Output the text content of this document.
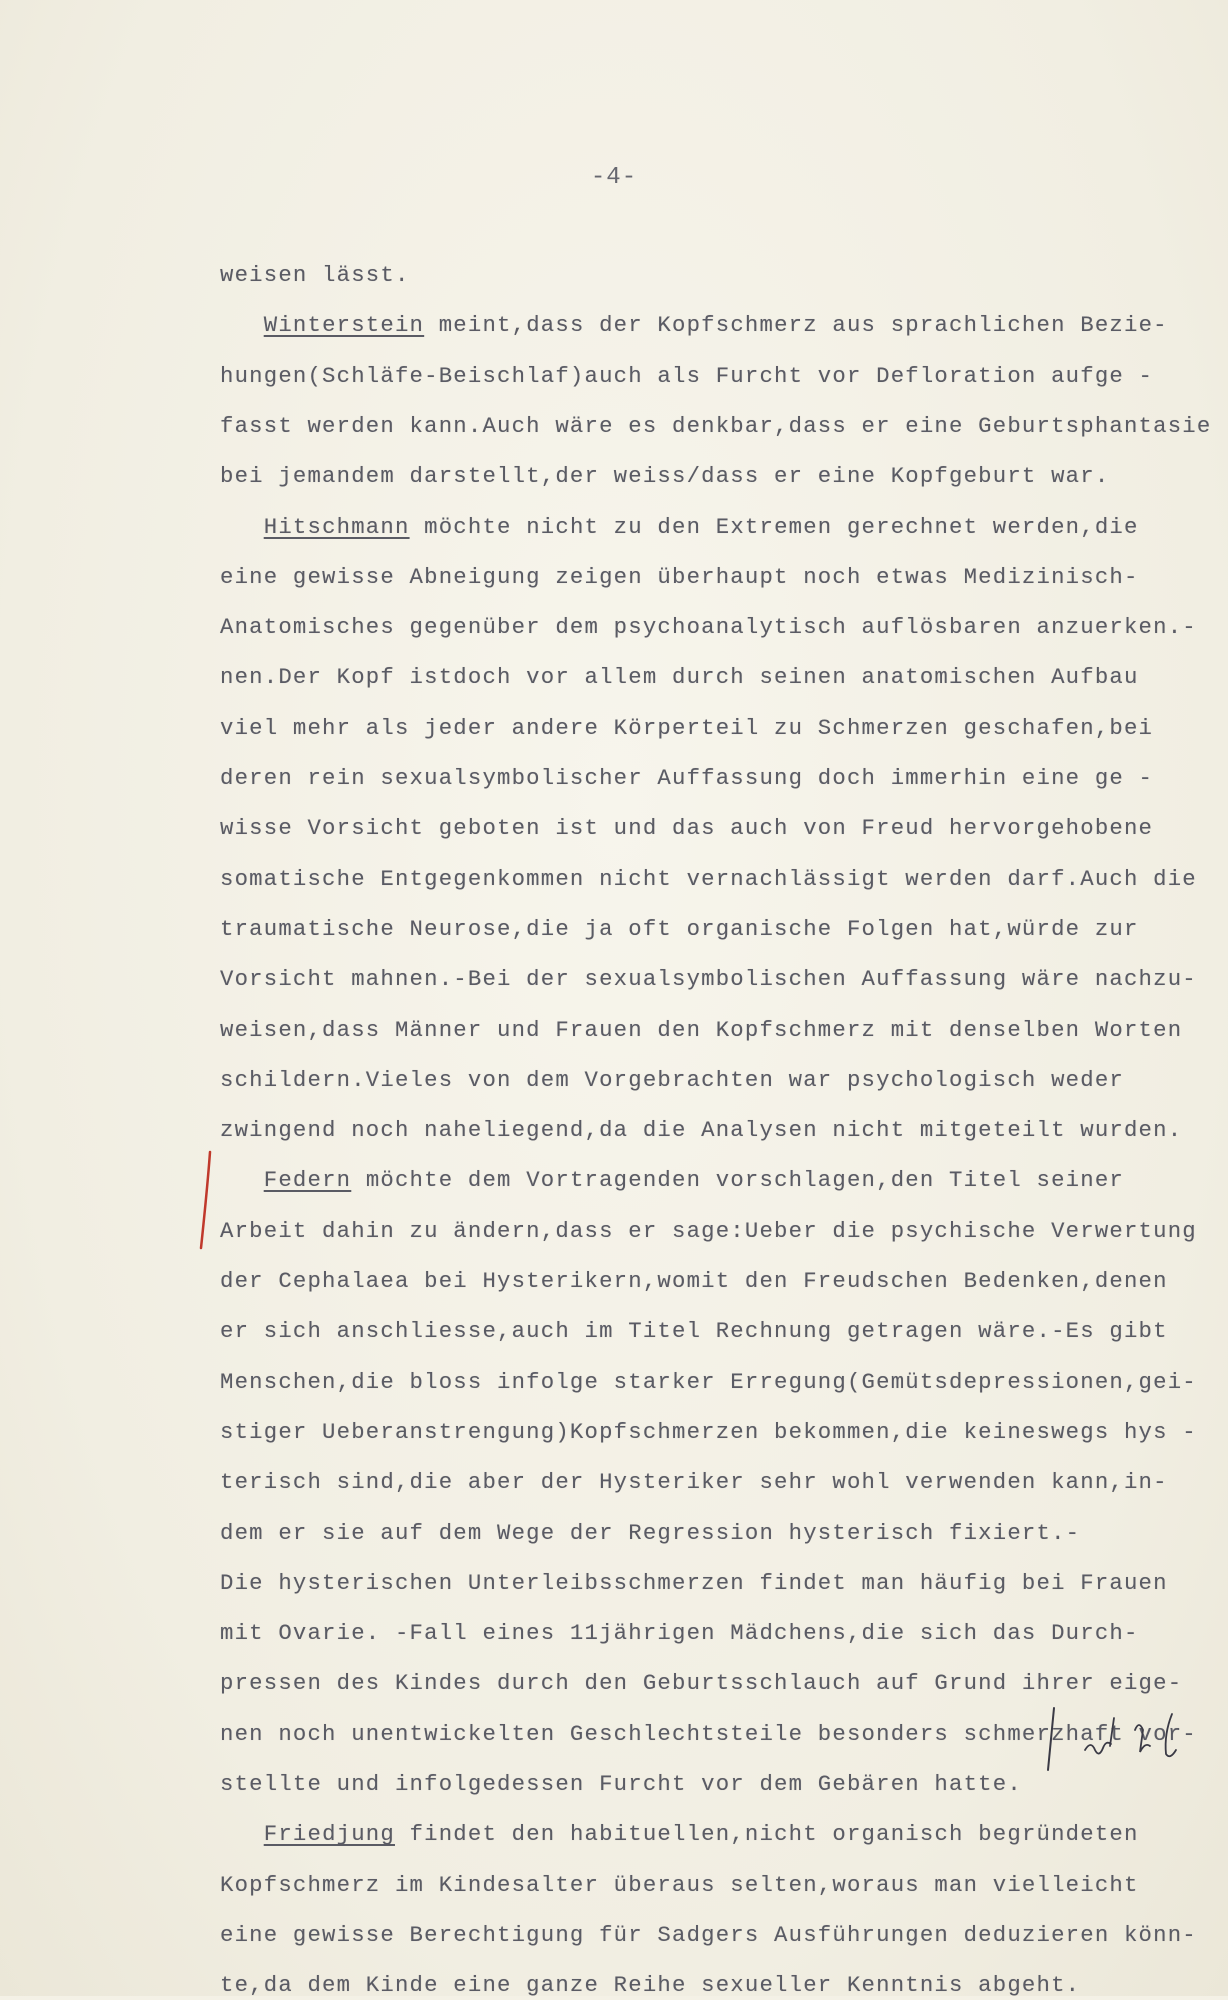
-4-
weisen lässt.
Winterstein meint,dass der Kopfschmerz aus sprachlichen Bezie-
hungen(Schläfe-Beischlaf)auch als Furcht vor Defloration aufge -
fasst werden kann.Auch wäre es denkbar,dass er eine Geburtsphantasie
bei jemandem darstellt,der weiss/dass er eine Kopfgeburt war.
Hitschmann möchte nicht zu den Extremen gerechnet werden,die
eine gewisse Abneigung zeigen überhaupt noch etwas Medizinisch-
Anatomisches gegenüber dem psychoanalytisch auflösbaren anzuerken.-
nen.Der Kopf istdoch vor allem durch seinen anatomischen Aufbau
viel mehr als jeder andere Körperteil zu Schmerzen geschafen,bei
deren rein sexualsymbolischer Auffassung doch immerhin eine ge -
wisse Vorsicht geboten ist und das auch von Freud hervorgehobene
somatische Entgegenkommen nicht vernachlässigt werden darf.Auch die
traumatische Neurose,die ja oft organische Folgen hat,würde zur
Vorsicht mahnen.-Bei der sexualsymbolischen Auffassung wäre nachzu-
weisen,dass Männer und Frauen den Kopfschmerz mit denselben Worten
schildern.Vieles von dem Vorgebrachten war psychologisch weder
zwingend noch naheliegend,da die Analysen nicht mitgeteilt wurden.
Federn möchte dem Vortragenden vorschlagen,den Titel seiner
Arbeit dahin zu ändern,dass er sage:Ueber die psychische Verwertung
der Cephalaea bei Hysterikern,womit den Freudschen Bedenken,denen
er sich anschliesse,auch im Titel Rechnung getragen wäre.-Es gibt
Menschen,die bloss infolge starker Erregung(Gemütsdepressionen,gei-
stiger Ueberanstrengung)Kopfschmerzen bekommen,die keineswegs hys -
terisch sind,die aber der Hysteriker sehr wohl verwenden kann,in-
dem er sie auf dem Wege der Regression hysterisch fixiert.-
Die hysterischen Unterleibsschmerzen findet man häufig bei Frauen
mit Ovarie. -Fall eines 11jährigen Mädchens,die sich das Durch-
pressen des Kindes durch den Geburtsschlauch auf Grund ihrer eige-
nen noch unentwickelten Geschlechtsteile besonders schmerzhaft vor-
stellte und infolgedessen Furcht vor dem Gebären hatte.
Friedjung findet den habituellen,nicht organisch begründeten
Kopfschmerz im Kindesalter überaus selten,woraus man vielleicht
eine gewisse Berechtigung für Sadgers Ausführungen deduzieren könn-
te,da dem Kinde eine ganze Reihe sexueller Kenntnis abgeht.
